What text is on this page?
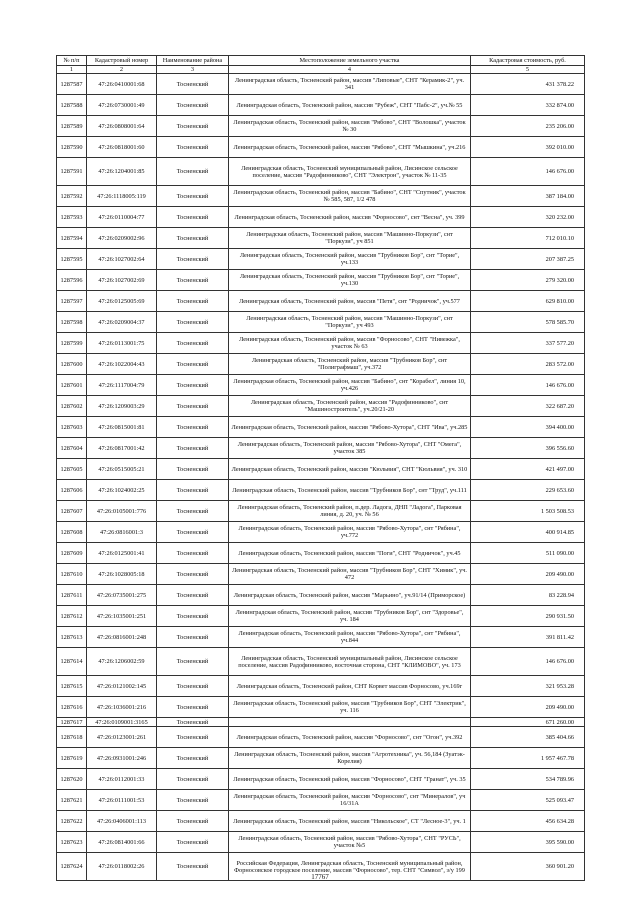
№ п/п	Кадастровый номер	Наименование района	Местоположение земельного участка	Кадастровая стоимость, руб.
1	2	3	4	5
1287587	47:26:0410001:68	Тосненский	Ленинградская область, Тосненский район, массив "Липовые", СНТ "Керамик-2", уч. 341	431 378.22
1287588	47:26:0730001:49	Тосненский	Ленинградская область, Тосненский район, массив "Рубеж", СНТ "Пабс-2", уч.№ 55	332 874.00
1287589	47:26:0808001:64	Тосненский	Ленинградская область, Тосненский район, массив "Рябово", СНТ "Волошка", участок № 30	235 206.00
1287590	47:26:0818001:60	Тосненский	Ленинградская область, Тосненский район, массив "Рябово", СНТ "Мышкина", уч.216	392 010.00
1287591	47:26:1204001:85	Тосненский	Ленинградская область, Тосненский муниципальный район, Лисинское сельское поселение, массив "Радофинниково", СНТ "Электрон", участок № 11-35	146 676.00
1287592	47:26:1118005:119	Тосненский	Ленинградская область, Тосненский район, массив "Бабино", СНТ "Спутник", участок № 585, 587, 1/2 478	387 184.00
1287593	47:26:0110004:77	Тосненский	Ленинградская область, Тосненский район, массив "Форносово", снт "Весна", уч. 399	320 232.00
1287594	47:26:0209002:96	Тосненский	Ленинградская область, Тосненский район, массив "Машинно-Поркузи", снт "Поркузи", уч 851	712 010.10
1287595	47:26:1027002:64	Тосненский	Ленинградская область, Тосненский район, массив "Трубников Бор", снт "Торие", уч.133	207 387.25
1287596	47:26:1027002:69	Тосненский	Ленинградская область, Тосненский район, массив "Трубников Бор", снт "Торие", уч.130	279 320.00
1287597	47:26:0125005:69	Тосненский	Ленинградская область, Тосненский район, массив "Петя", снт "Родничок", уч.577	629 810.00
1287598	47:26:0209004:37	Тосненский	Ленинградская область, Тосненский район, массив "Машинно-Поркузи", снт "Поркузи", уч 493	578 585.70
1287599	47:26:0113001:75	Тосненский	Ленинградская область, Тосненский район, массив "Форносово", СНТ "Нивежка", участок № 63	337 577.20
1287600	47:26:1022004:43	Тосненский	Ленинградская область, Тосненский район, массив "Трубников Бор", снт "Полиграфмаш", уч.372	283 572.00
1287601	47:26:1117004:79	Тосненский	Ленинградская область, Тосненский район, массив "Бабино", снт "Корабел", линия 10, уч.426	146 676.00
1287602	47:26:1209003:29	Тосненский	Ленинградская область, Тосненский район, массив "Радофинниково", снт "Машиностроитель", уч.20/21-20	322 687.20
1287603	47:26:0815001:81	Тосненский	Ленинградская область, Тосненский район, массив "Рябово-Хутора", СНТ "Ива", уч.285	394 400.00
1287604	47:26:0817001:42	Тосненский	Ленинградская область, Тосненский район, массив "Рябово-Хутора", СНТ "Омега", участок 385	396 556.60
1287605	47:26:0515005:21	Тосненский	Ленинградская область, Тосненский район, массив "Кюльвия", СНТ "Кюльвия", уч. 310	421 497.00
1287606	47:26:1024002:25	Тосненский	Ленинградская область, Тосненский район, массив "Трубников Бор", снт "Труд", уч.111	229 653.60
1287607	47:26:0105001:776	Тосненский	Ленинградская область, Тосненский район, п.дер. Ладога, ДНП "Ладога", Парковая линия, д. 20, уч. № 56	1 503 508.53
1287608	47:26:0816001:3	Тосненский	Ленинградская область, Тосненский район, массив "Рябово-Хутора", снт "Рябина", уч.772	400 914.85
1287609	47:26:0125001:41	Тосненский	Ленинградская область, Тосненский район, массив "Поги", СНТ "Родничок", уч.45	511 090.00
1287610	47:26:1028005:18	Тосненский	Ленинградская область, Тосненский район, массив "Трубников Бор", СНТ "Химик", уч. 472	209 490.00
1287611	47:26:0735001:275	Тосненский	Ленинградская область, Тосненский район, массив "Марьино", уч.91/14 (Приморское)	83 228.94
1287612	47:26:1035001:251	Тосненский	Ленинградская область, Тосненский район, массив "Трубников Бор", снт "Здоровье", уч. 184	290 931.50
1287613	47:26:0816001:248	Тосненский	Ленинградская область, Тосненский район, массив "Рябово-Хутора", снт "Рябина", уч.844	391 811.42
1287614	47:26:1206002:59	Тосненский	Ленинградская область, Тосненский муниципальный район, Лисинское сельское поселение, массив Радофинниково, восточная сторона, СНТ "КЛИМОВО", уч. 173	146 676.00
1287615	47:26:0121002:145	Тосненский	Ленинградская область, Тосненский район, СНТ Корвет массив Форносово, уч.169г	321 953.28
1287616	47:26:1036001:216	Тосненский	Ленинградская область, Тосненский район, массив "Трубников Бор", СНТ "Электрик", уч. 116	209 490.00
1287617	47:26:0109001:3165	Тосненский		671 260.00
1287618	47:26:0123001:261	Тосненский	Ленинградская область, Тосненский район, массив "Форносово", снт "Огон", уч.392	385 404.66
1287619	47:26:0931001:246	Тосненский	Ленинградская область, Тосненский район, массив "Агротехника", уч. 56,184 (Зуатэк-Корелия)	1 957 467.78
1287620	47:26:0112001:33	Тосненский	Ленинградская область, Тосненский район, массив "Форносово", СНТ "Гранат", уч. 35	534 789.96
1287621	47:26:0111001:53	Тосненский	Ленинградская область, Тосненский район, массив "Форносово", снт "Минералов", уч 16/31А	525 093.47
1287622	47:26:0406001:113	Тосненский	Ленинградская область, Тосненский район, массив "Никольское", СТ "Лесное-3", уч. 1	456 634.28
1287623	47:26:0814001:66	Тосненский	Ленинградская область, Тосненский район, массив "Рябово-Хутора", СНТ "РУСЬ", участок №5	395 590.00
1287624	47:26:0118002:26	Тосненский	Российская Федерация, Ленинградская область, Тосненский муниципальный район, Форносовское городское поселение, массив "Форносово", тер. СНТ "Символ", з/у 199	360 901.20
17767
